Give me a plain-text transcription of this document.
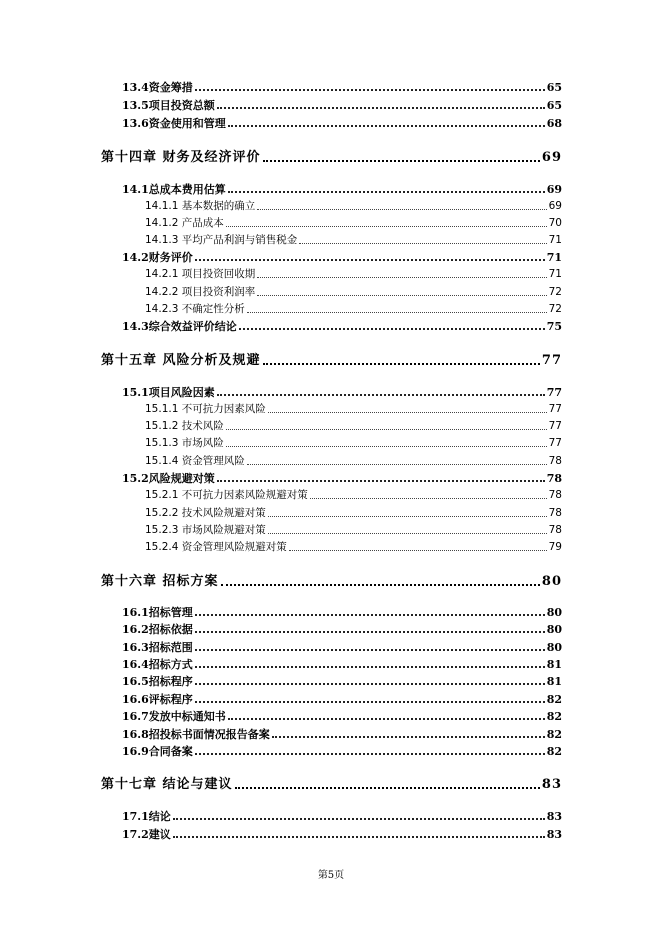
13.4资金筹措	65
13.5项目投资总额	65
13.6资金使用和管理	68
第十四章 财务及经济评价	69
14.1总成本费用估算	69
14.1.1 基本数据的确立	69
14.1.2 产品成本	70
14.1.3 平均产品利润与销售税金	71
14.2财务评价	71
14.2.1 项目投资回收期	71
14.2.2 项目投资利润率	72
14.2.3 不确定性分析	72
14.3综合效益评价结论	75
第十五章 风险分析及规避	77
15.1项目风险因素	77
15.1.1 不可抗力因素风险	77
15.1.2 技术风险	77
15.1.3 市场风险	77
15.1.4 资金管理风险	78
15.2风险规避对策	78
15.2.1 不可抗力因素风险规避对策	78
15.2.2 技术风险规避对策	78
15.2.3 市场风险规避对策	78
15.2.4 资金管理风险规避对策	79
第十六章 招标方案	80
16.1招标管理	80
16.2招标依据	80
16.3招标范围	80
16.4招标方式	81
16.5招标程序	81
16.6评标程序	82
16.7发放中标通知书	82
16.8招投标书面情况报告备案	82
16.9合同备案	82
第十七章 结论与建议	83
17.1结论	83
17.2建议	83
第5页
